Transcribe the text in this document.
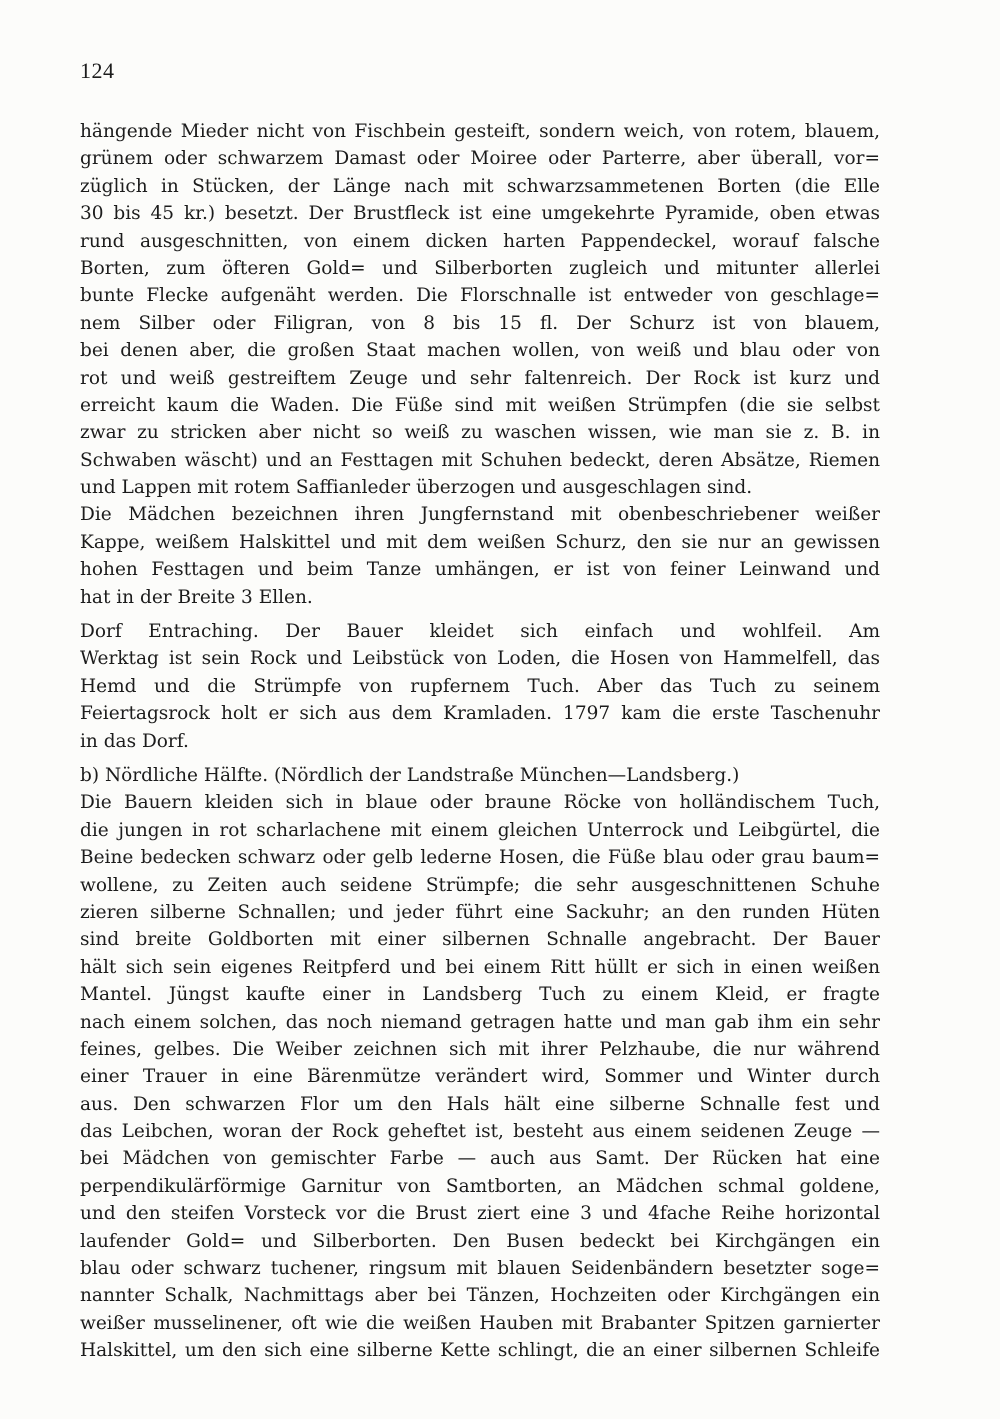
124
hängende Mieder nicht von Fischbein gesteift, sondern weich, von rotem, blauem,
grünem oder schwarzem Damast oder Moiree oder Parterre, aber überall, vor=
züglich in Stücken, der Länge nach mit schwarzsammetenen Borten (die Elle
30 bis 45 kr.) besetzt. Der Brustfleck ist eine umgekehrte Pyramide, oben etwas
rund ausgeschnitten, von einem dicken harten Pappendeckel, worauf falsche
Borten, zum öfteren Gold= und Silberborten zugleich und mitunter allerlei
bunte Flecke aufgenäht werden. Die Florschnalle ist entweder von geschlage=
nem Silber oder Filigran, von 8 bis 15 fl. Der Schurz ist von blauem,
bei denen aber, die großen Staat machen wollen, von weiß und blau oder von
rot und weiß gestreiftem Zeuge und sehr faltenreich. Der Rock ist kurz und
erreicht kaum die Waden. Die Füße sind mit weißen Strümpfen (die sie selbst
zwar zu stricken aber nicht so weiß zu waschen wissen, wie man sie z. B. in
Schwaben wäscht) und an Festtagen mit Schuhen bedeckt, deren Absätze, Riemen
und Lappen mit rotem Saffianleder überzogen und ausgeschlagen sind.
Die Mädchen bezeichnen ihren Jungfernstand mit obenbeschriebener weißer
Kappe, weißem Halskittel und mit dem weißen Schurz, den sie nur an gewissen
hohen Festtagen und beim Tanze umhängen, er ist von feiner Leinwand und
hat in der Breite 3 Ellen.
Dorf Entraching. Der Bauer kleidet sich einfach und wohlfeil. Am
Werktag ist sein Rock und Leibstück von Loden, die Hosen von Hammelfell, das
Hemd und die Strümpfe von rupfernem Tuch. Aber das Tuch zu seinem
Feiertagsrock holt er sich aus dem Kramladen. 1797 kam die erste Taschenuhr
in das Dorf.
b) Nördliche Hälfte. (Nördlich der Landstraße München—Landsberg.)
Die Bauern kleiden sich in blaue oder braune Röcke von holländischem Tuch,
die jungen in rot scharlachene mit einem gleichen Unterrock und Leibgürtel, die
Beine bedecken schwarz oder gelb lederne Hosen, die Füße blau oder grau baum=
wollene, zu Zeiten auch seidene Strümpfe; die sehr ausgeschnittenen Schuhe
zieren silberne Schnallen; und jeder führt eine Sackuhr; an den runden Hüten
sind breite Goldborten mit einer silbernen Schnalle angebracht. Der Bauer
hält sich sein eigenes Reitpferd und bei einem Ritt hüllt er sich in einen weißen
Mantel. Jüngst kaufte einer in Landsberg Tuch zu einem Kleid, er fragte
nach einem solchen, das noch niemand getragen hatte und man gab ihm ein sehr
feines, gelbes. Die Weiber zeichnen sich mit ihrer Pelzhaube, die nur während
einer Trauer in eine Bärenmütze verändert wird, Sommer und Winter durch
aus. Den schwarzen Flor um den Hals hält eine silberne Schnalle fest und
das Leibchen, woran der Rock geheftet ist, besteht aus einem seidenen Zeuge —
bei Mädchen von gemischter Farbe — auch aus Samt. Der Rücken hat eine
perpendikulärförmige Garnitur von Samtborten, an Mädchen schmal goldene,
und den steifen Vorsteck vor die Brust ziert eine 3 und 4fache Reihe horizontal
laufender Gold= und Silberborten. Den Busen bedeckt bei Kirchgängen ein
blau oder schwarz tuchener, ringsum mit blauen Seidenbändern besetzter soge=
nannter Schalk, Nachmittags aber bei Tänzen, Hochzeiten oder Kirchgängen ein
weißer musselinener, oft wie die weißen Hauben mit Brabanter Spitzen garnierter
Halskittel, um den sich eine silberne Kette schlingt, die an einer silbernen Schleife
